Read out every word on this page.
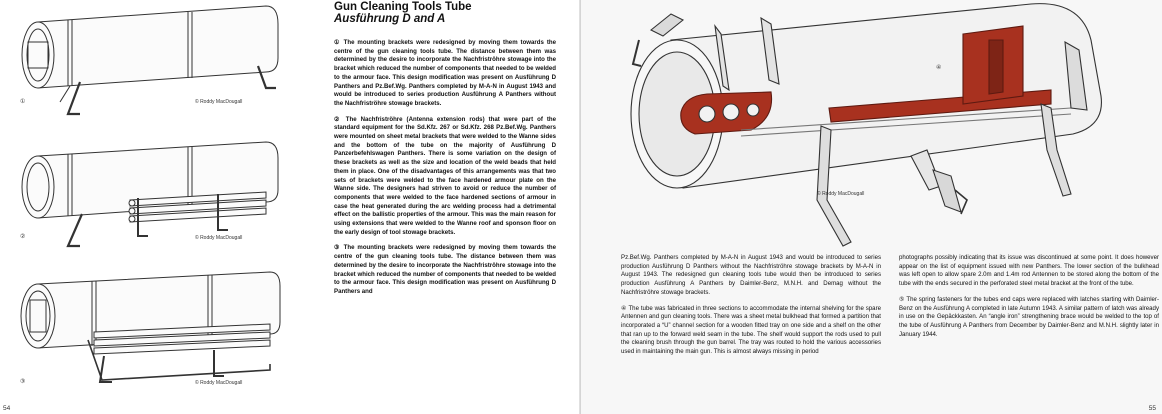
①	© Roddy MacDougall
②	© Roddy MacDougall
③	© Roddy MacDougall
Gun Cleaning Tools Tube
Ausführung D and A

① The mounting brackets were redesigned by moving them towards the centre of the gun cleaning tools tube. The distance between them was determined by the desire to incorporate the Nachfriströhre stowage into the bracket which reduced the number of components that needed to be welded to the armour face. This design modification was present on Ausführung D Panthers and Pz.Bef.Wg. Panthers completed by M-A-N in August 1943 and would be introduced to series production Ausführung A Panthers without the Nachfriströhre stowage brackets.

② The Nachfriströhre (Antenna extension rods) that were part of the standard equipment for the Sd.Kfz. 267 or Sd.Kfz. 268 Pz.Bef.Wg. Panthers were mounted on sheet metal brackets that were welded to the Wanne sides and the bottom of the tube on the majority of Ausführung D Panzerbefehlswagen Panthers. There is some variation on the design of these brackets as well as the size and location of the weld beads that held them in place. One of the disadvantages of this arrangements was that two sets of brackets were welded to the face hardened armour plate on the Wanne side. The designers had striven to avoid or reduce the number of components that were welded to the face hardened sections of armour in case the heat generated during the arc welding process had a detrimental effect on the ballistic properties of the armour. This was the main reason for using extensions that were welded to the Wanne roof and sponson floor on the early design of tool stowage brackets.

③ The mounting brackets were redesigned by moving them towards the centre of the gun cleaning tools tube. The distance between them was determined by the desire to incorporate the Nachfriströhre stowage into the bracket which reduced the number of components that needed to be welded to the armour face. This design modification was present on Ausführung D Panthers and

54
④
© Roddy MacDougall

Pz.Bef.Wg. Panthers completed by M-A-N in August 1943 and would be introduced to series production Ausführung D Panthers without the Nachfriströhre stowage brackets by M-A-N in August 1943. The redesigned gun cleaning tools tube would then be introduced to series production Ausführung A Panthers by Daimler-Benz, M.N.H. and Demag without the Nachfriströhre stowage brackets.

④ The tube was fabricated in three sections to accommodate the internal shelving for the spare Antennen and gun cleaning tools. There was a sheet metal bulkhead that formed a partition that incorporated a “U” channel section for a wooden fitted tray on one side and a shelf on the other that ran up to the forward weld seam in the tube. The shelf would support the rods used to pull the cleaning brush through the gun barrel. The tray was routed to hold the various accessories used in maintaining the main gun. This is almost always missing in period

photographs possibly indicating that its issue was discontinued at some point. It does however appear on the list of equipment issued with new Panthers. The lower section of the bulkhead was left open to allow spare 2.0m and 1.4m rod Antennen to be stored along the bottom of the tube with the ends secured in the perforated steel metal bracket at the front of the tube.

⑤ The spring fasteners for the tubes end caps were replaced with latches starting with Daimler-Benz on the Ausführung A completed in late Autumn 1943. A similar pattern of latch was already in use on the Gepäckkasten. An “angle iron” strengthening brace would be welded to the top of the tube of Ausführung A Panthers from December by Daimler-Benz and M.N.H. slightly later in January 1944.

55
